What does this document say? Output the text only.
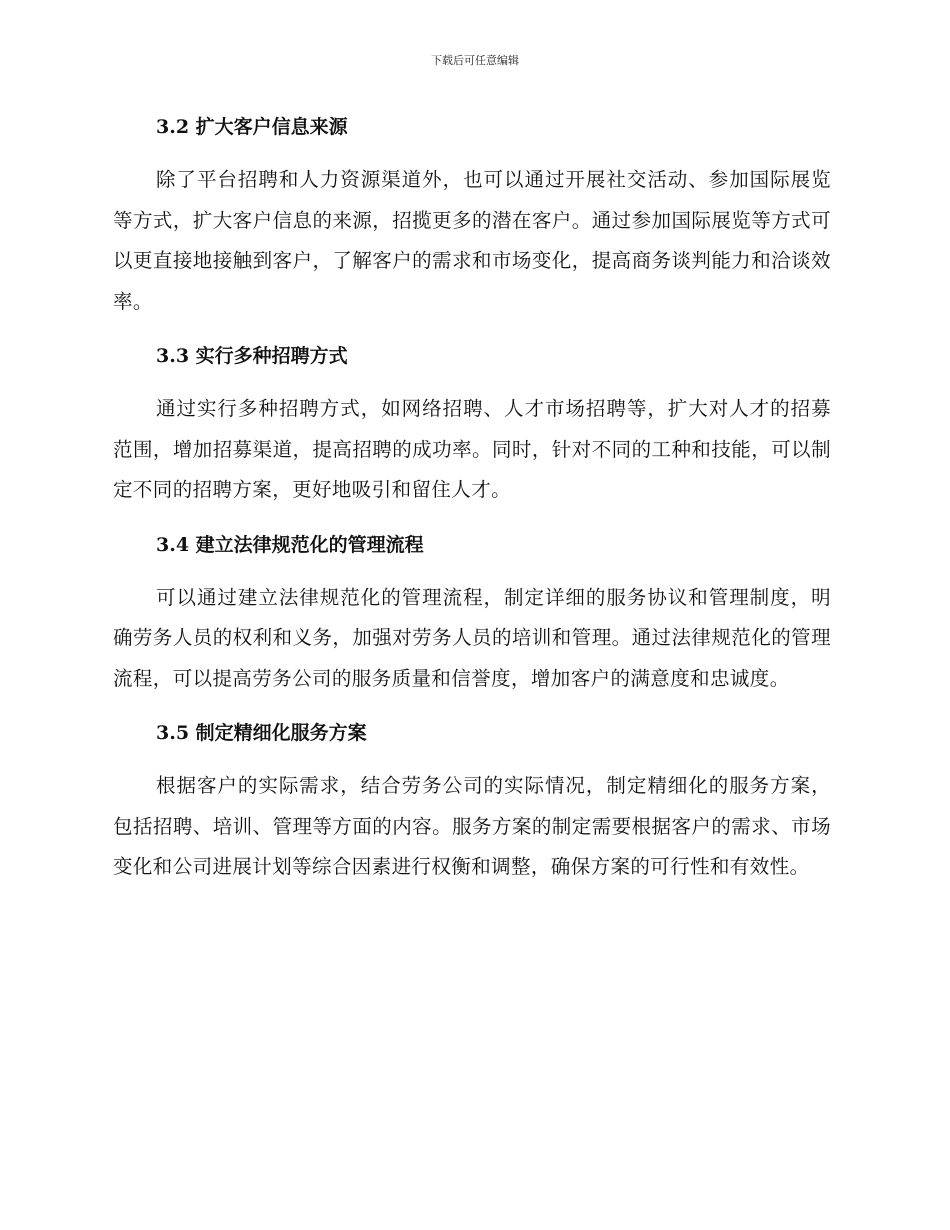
下载后可任意编辑
3.2 扩大客户信息来源

除了平台招聘和人力资源渠道外，也可以通过开展社交活动、参加国际展览等方式，扩大客户信息的来源，招揽更多的潜在客户。通过参加国际展览等方式可以更直接地接触到客户，了解客户的需求和市场变化，提高商务谈判能力和洽谈效率。

3.3 实行多种招聘方式

通过实行多种招聘方式，如网络招聘、人才市场招聘等，扩大对人才的招募范围，增加招募渠道，提高招聘的成功率。同时，针对不同的工种和技能，可以制定不同的招聘方案，更好地吸引和留住人才。

3.4 建立法律规范化的管理流程

可以通过建立法律规范化的管理流程，制定详细的服务协议和管理制度，明确劳务人员的权利和义务，加强对劳务人员的培训和管理。通过法律规范化的管理流程，可以提高劳务公司的服务质量和信誉度，增加客户的满意度和忠诚度。

3.5 制定精细化服务方案

根据客户的实际需求，结合劳务公司的实际情况，制定精细化的服务方案，包括招聘、培训、管理等方面的内容。服务方案的制定需要根据客户的需求、市场变化和公司进展计划等综合因素进行权衡和调整，确保方案的可行性和有效性。
